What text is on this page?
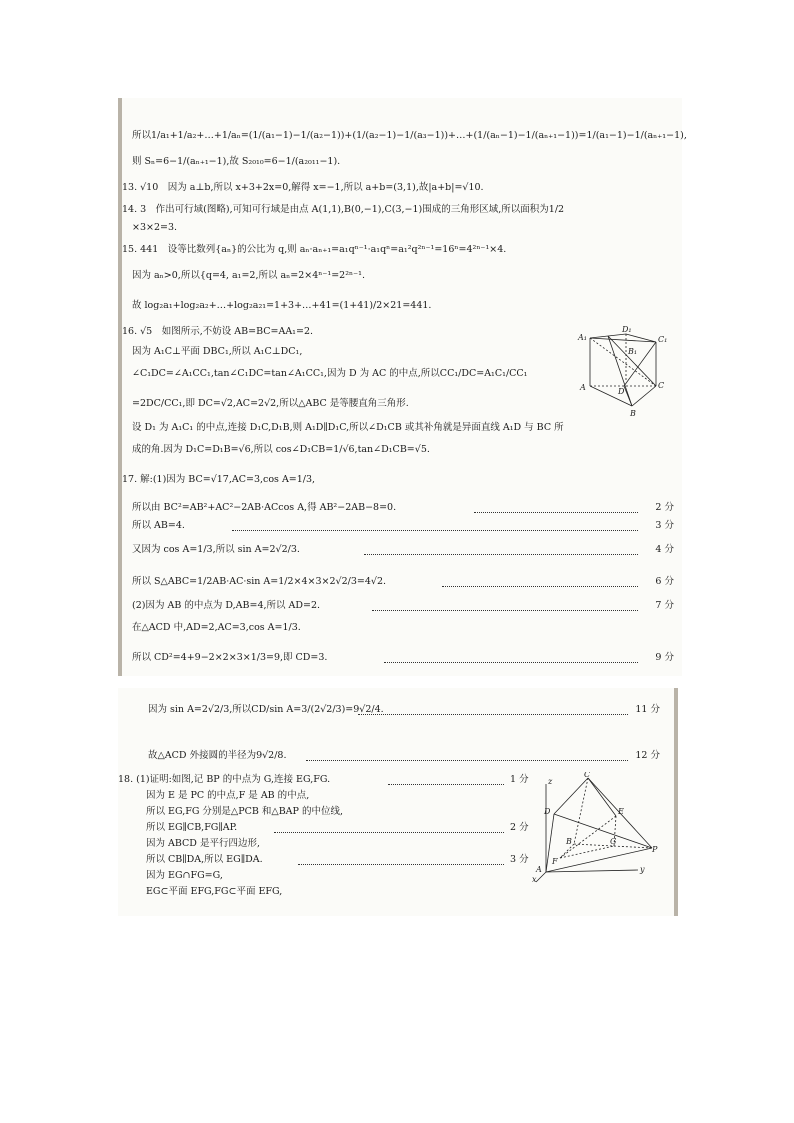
所以1/a₁+1/a₂+…+1/aₙ=(1/(a₁−1)−1/(a₂−1))+(1/(a₂−1)−1/(a₃−1))+…+(1/(aₙ−1)−1/(aₙ₊₁−1))=1/(a₁−1)−1/(aₙ₊₁−1),
则 Sₙ=6−1/(aₙ₊₁−1),故 S₂₀₁₀=6−1/(a₂₀₁₁−1).
13. √10　因为 a⊥b,所以 x+3+2x=0,解得 x=−1,所以 a+b=(3,1),故|a+b|=√10.
14. 3　作出可行域(图略),可知可行域是由点 A(1,1),B(0,−1),C(3,−1)围成的三角形区域,所以面积为1/2
×3×2=3.
15. 441　设等比数列{aₙ}的公比为 q,则 aₙ·aₙ₊₁=a₁qⁿ⁻¹·a₁qⁿ=a₁²q²ⁿ⁻¹=16ⁿ=4²ⁿ⁻¹×4.
因为 aₙ>0,所以{q=4, a₁=2,所以 aₙ=2×4ⁿ⁻¹=2²ⁿ⁻¹.
故 log₂a₁+log₂a₂+…+log₂a₂₁=1+3+…+41=(1+41)/2×21=441.
16. √5　如图所示,不妨设 AB=BC=AA₁=2.
因为 A₁C⊥平面 DBC₁,所以 A₁C⊥DC₁,
∠C₁DC=∠A₁CC₁,tan∠C₁DC=tan∠A₁CC₁,因为 D 为 AC 的中点,所以CC₁/DC=A₁C₁/CC₁
=2DC/CC₁,即 DC=√2,AC=2√2,所以△ABC 是等腰直角三角形.
设 D₁ 为 A₁C₁ 的中点,连接 D₁C,D₁B,则 A₁D∥D₁C,所以∠D₁CB 或其补角就是异面直线 A₁D 与 BC 所
成的角.因为 D₁C=D₁B=√6,所以 cos∠D₁CB=1/√6,tan∠D₁CB=√5.
A₁
D₁
C₁
B₁
A	D
C
B
17. 解:(1)因为 BC=√17,AC=3,cos A=1/3,
所以由 BC²=AB²+AC²−2AB·ACcos A,得 AB²−2AB−8=0.	2 分
所以 AB=4.	3 分
又因为 cos A=1/3,所以 sin A=2√2/3.	4 分
所以 S△ABC=1/2AB·AC·sin A=1/2×4×3×2√2/3=4√2.	6 分
(2)因为 AB 的中点为 D,AB=4,所以 AD=2.	7 分
在△ACD 中,AD=2,AC=3,cos A=1/3.
所以 CD²=4+9−2×2×3×1/3=9,即 CD=3.	9 分
因为 sin A=2√2/3,所以CD/sin A=3/(2√2/3)=9√2/4.	11 分
故△ACD 外接圆的半径为9√2/8.	12 分
18. (1)证明:如图,记 BP 的中点为 G,连接 EG,FG.	1 分
因为 E 是 PC 的中点,F 是 AB 的中点,
所以 EG,FG 分别是△PCB 和△BAP 的中位线,
所以 EG∥CB,FG∥AP.	2 分
因为 ABCD 是平行四边形,
所以 CB∥DA,所以 EG∥DA.	3 分
因为 EG∩FG=G,
EG⊂平面 EFG,FG⊂平面 EFG,
C
z
D	E
B	G
P
F
A	y
x
